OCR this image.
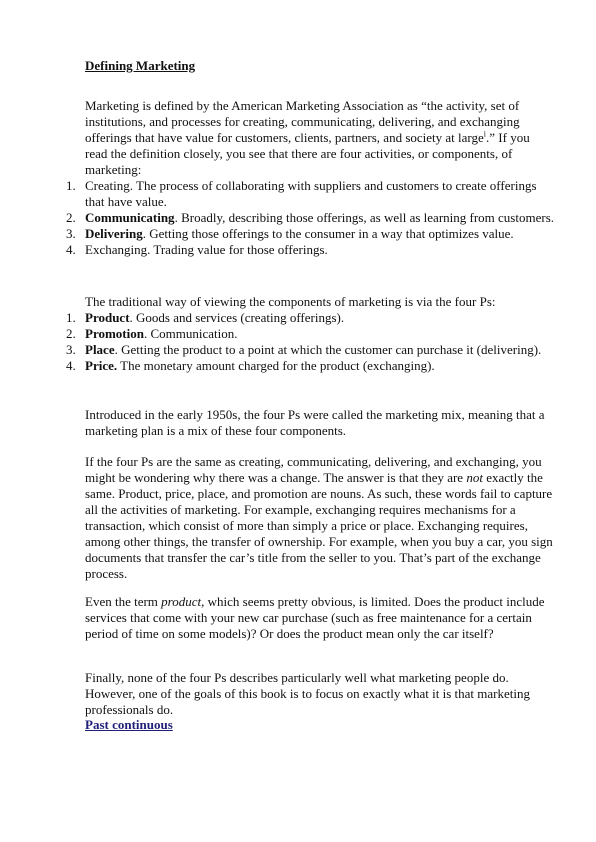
Defining Marketing

Marketing is defined by the American Marketing Association as “the activity, set of institutions, and processes for creating, communicating, delivering, and exchanging offerings that have value for customers, clients, partners, and society at large$^i$.” If you read the definition closely, you see that there are four activities, or components, of marketing:

1. Creating. The process of collaborating with suppliers and customers to create offerings that have value.
2. Communicating. Broadly, describing those offerings, as well as learning from customers.
3. Delivering. Getting those offerings to the consumer in a way that optimizes value.
4. Exchanging. Trading value for those offerings.

The traditional way of viewing the components of marketing is via the four Ps:

1. Product. Goods and services (creating offerings).
2. Promotion. Communication.
3. Place. Getting the product to a point at which the customer can purchase it (delivering).
4. Price. The monetary amount charged for the product (exchanging).

Introduced in the early 1950s, the four Ps were called the marketing mix, meaning that a marketing plan is a mix of these four components.

If the four Ps are the same as creating, communicating, delivering, and exchanging, you might be wondering why there was a change. The answer is that they are not exactly the same. Product, price, place, and promotion are nouns. As such, these words fail to capture all the activities of marketing. For example, exchanging requires mechanisms for a transaction, which consist of more than simply a price or place. Exchanging requires, among other things, the transfer of ownership. For example, when you buy a car, you sign documents that transfer the car’s title from the seller to you. That’s part of the exchange process.

Even the term product, which seems pretty obvious, is limited. Does the product include services that come with your new car purchase (such as free maintenance for a certain period of time on some models)? Or does the product mean only the car itself?

Finally, none of the four Ps describes particularly well what marketing people do. However, one of the goals of this book is to focus on exactly what it is that marketing professionals do.

Past continuous
